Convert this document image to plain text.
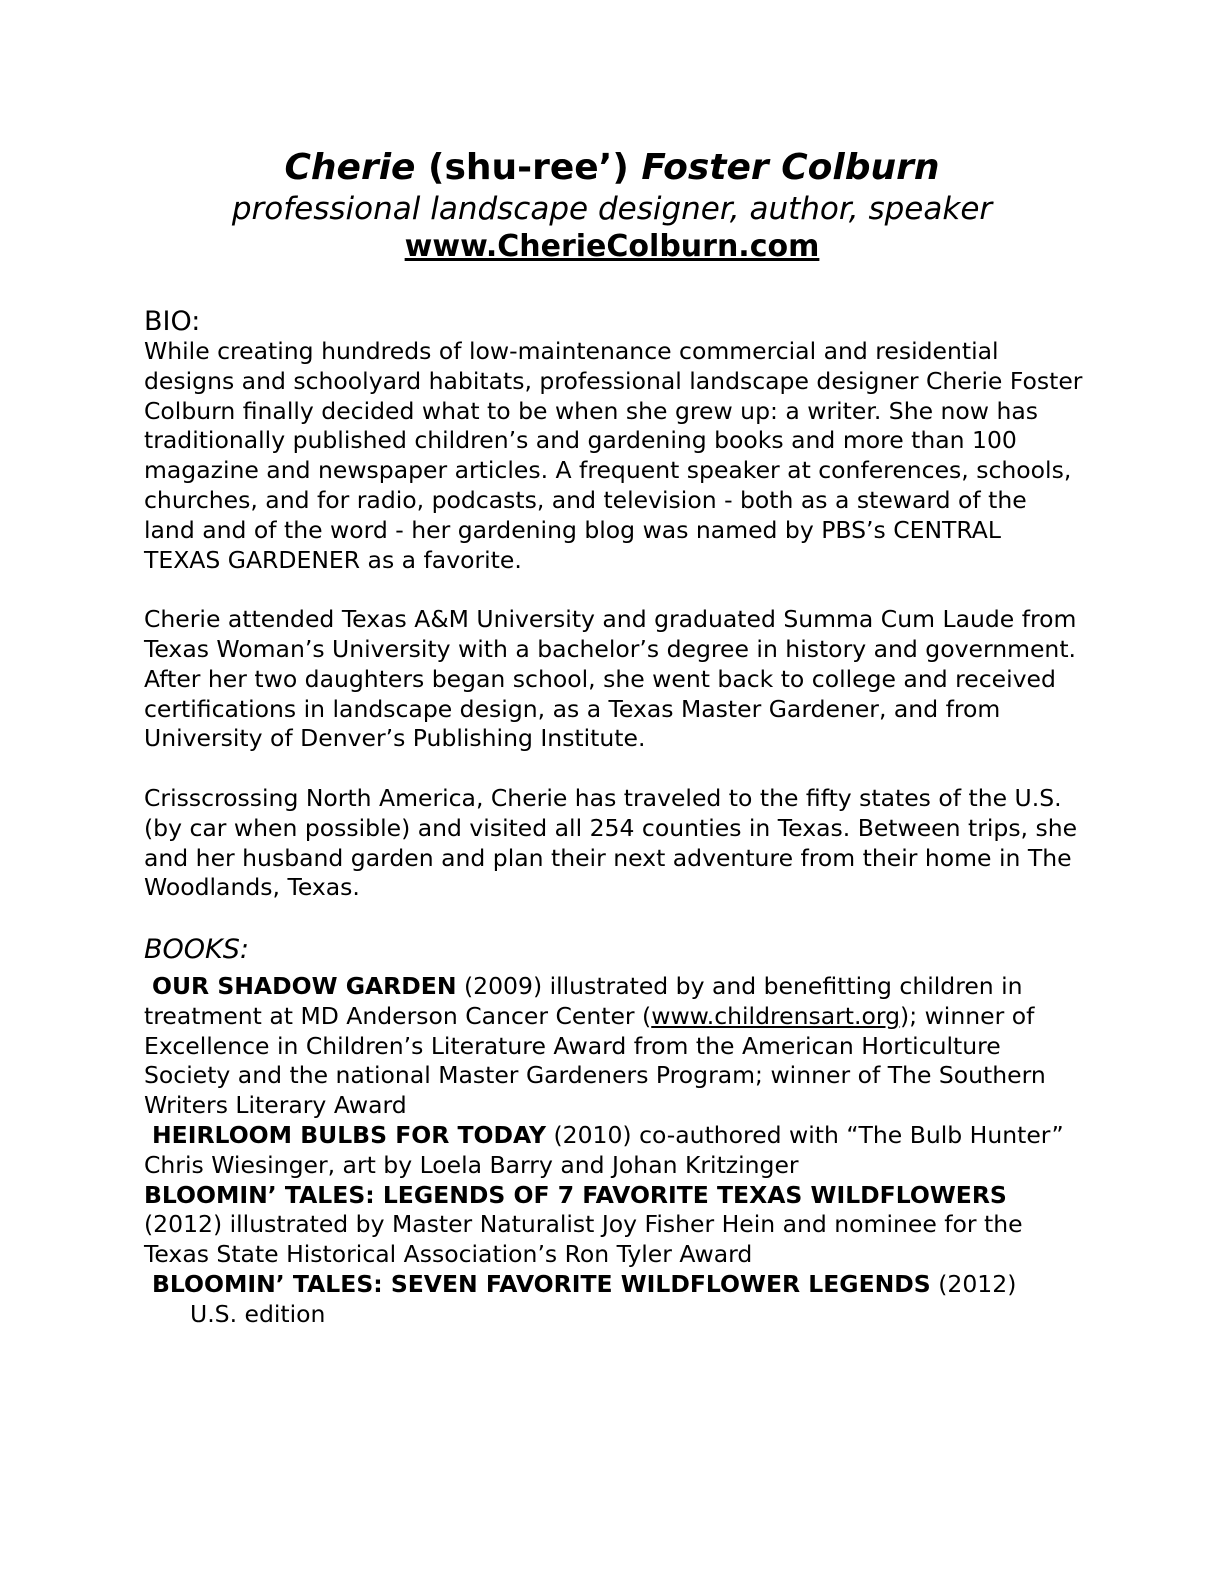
Cherie (shu-ree’) Foster Colburn
professional landscape designer, author, speaker
www.CherieColburn.com
BIO:

While creating hundreds of low-maintenance commercial and residential designs and schoolyard habitats, professional landscape designer Cherie Foster Colburn finally decided what to be when she grew up: a writer. She now has traditionally published children’s and gardening books and more than 100 magazine and newspaper articles. A frequent speaker at conferences, schools, churches, and for radio, podcasts, and television - both as a steward of the land and of the word - her gardening blog was named by PBS’s CENTRAL TEXAS GARDENER as a favorite.

Cherie attended Texas A&M University and graduated Summa Cum Laude from Texas Woman’s University with a bachelor’s degree in history and government. After her two daughters began school, she went back to college and received certifications in landscape design, as a Texas Master Gardener, and from University of Denver’s Publishing Institute.

Crisscrossing North America, Cherie has traveled to the fifty states of the U.S. (by car when possible) and visited all 254 counties in Texas. Between trips, she and her husband garden and plan their next adventure from their home in The Woodlands, Texas.

BOOKS:

OUR SHADOW GARDEN (2009) illustrated by and benefitting children in treatment at MD Anderson Cancer Center (www.childrensart.org); winner of Excellence in Children’s Literature Award from the American Horticulture Society and the national Master Gardeners Program; winner of The Southern Writers Literary Award

HEIRLOOM BULBS FOR TODAY (2010) co-authored with “The Bulb Hunter” Chris Wiesinger, art by Loela Barry and Johan Kritzinger

BLOOMIN’ TALES: LEGENDS OF 7 FAVORITE TEXAS WILDFLOWERS
(2012) illustrated by Master Naturalist Joy Fisher Hein and nominee for the Texas State Historical Association’s Ron Tyler Award

BLOOMIN’ TALES: SEVEN FAVORITE WILDFLOWER LEGENDS (2012)

U.S. edition
